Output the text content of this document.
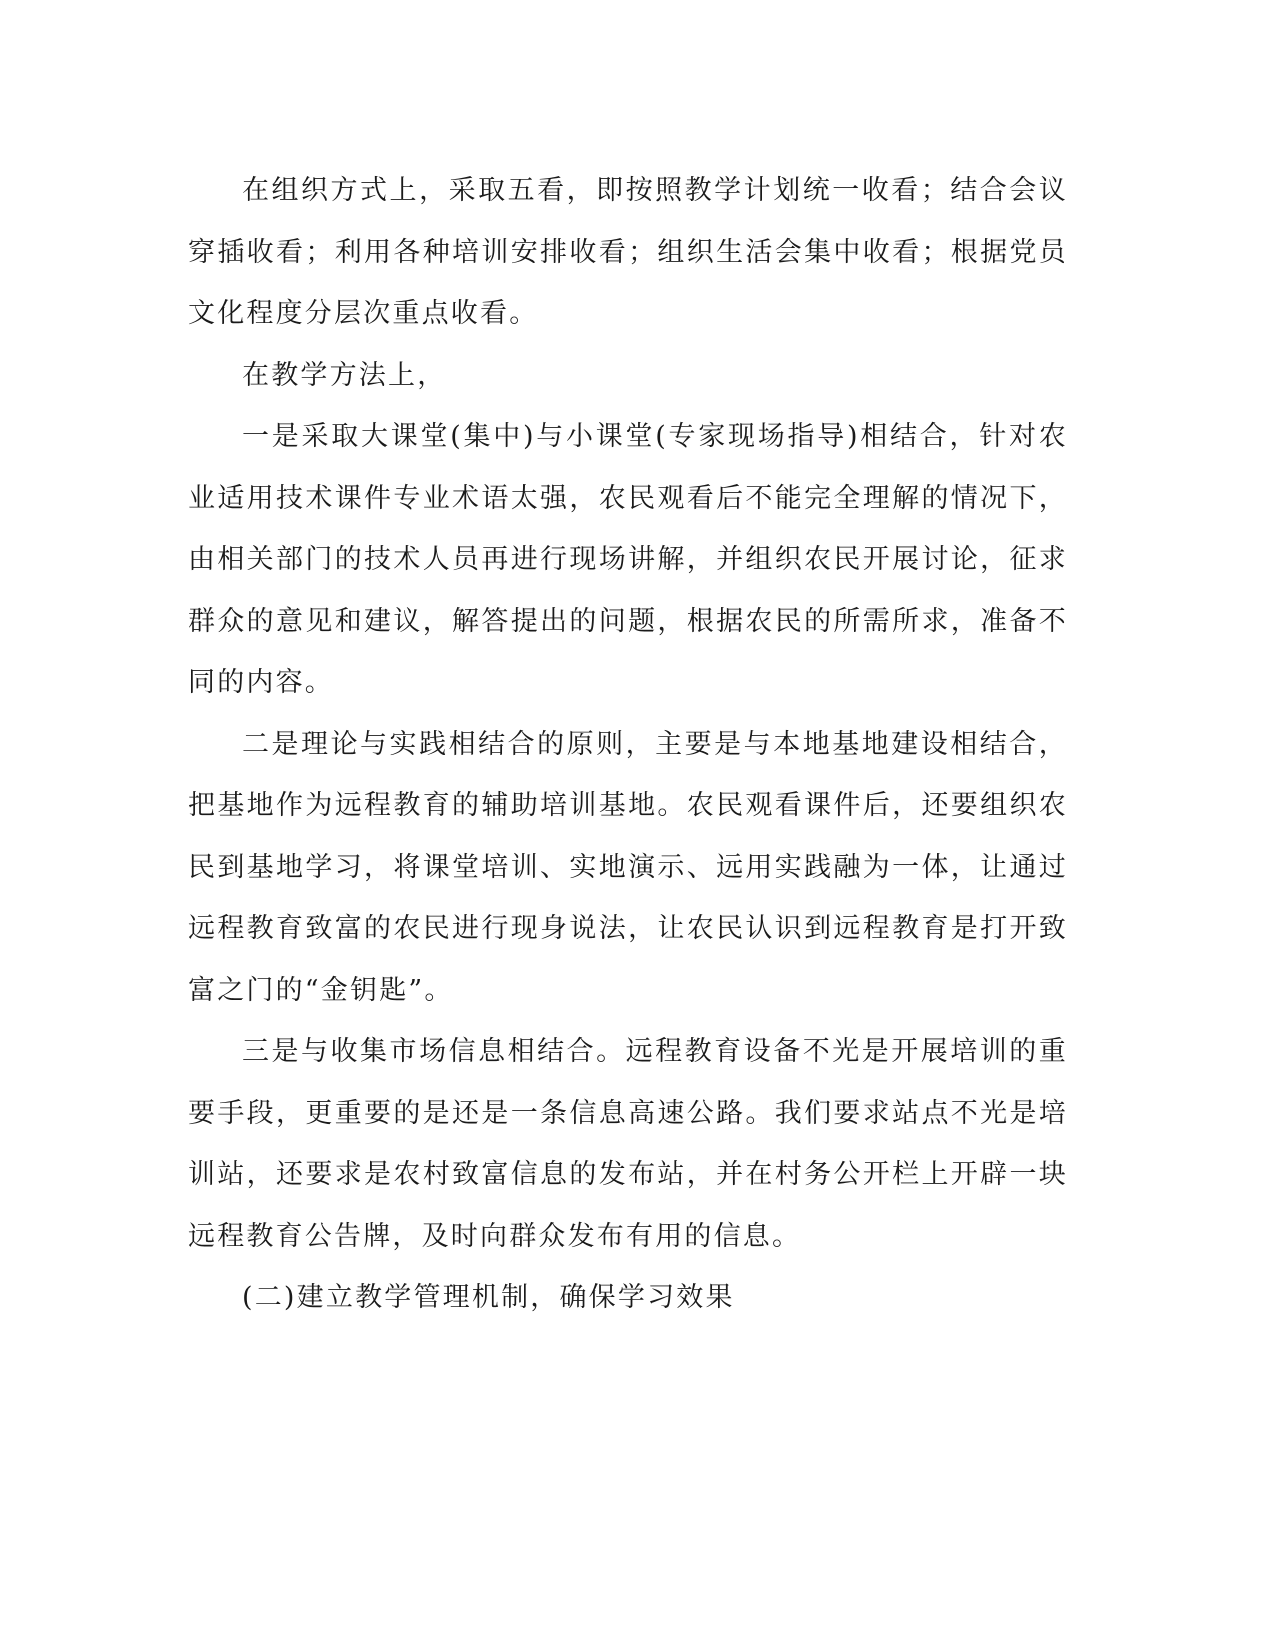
在组织方式上，采取五看，即按照教学计划统一收看；结合会议穿插收看；利用各种培训安排收看；组织生活会集中收看；根据党员文化程度分层次重点收看。

在教学方法上，

一是采取大课堂(集中)与小课堂(专家现场指导)相结合，针对农业适用技术课件专业术语太强，农民观看后不能完全理解的情况下，由相关部门的技术人员再进行现场讲解，并组织农民开展讨论，征求群众的意见和建议，解答提出的问题，根据农民的所需所求，准备不同的内容。

二是理论与实践相结合的原则，主要是与本地基地建设相结合，把基地作为远程教育的辅助培训基地。农民观看课件后，还要组织农民到基地学习，将课堂培训、实地演示、远用实践融为一体，让通过远程教育致富的农民进行现身说法，让农民认识到远程教育是打开致富之门的“金钥匙”。

三是与收集市场信息相结合。远程教育设备不光是开展培训的重要手段，更重要的是还是一条信息高速公路。我们要求站点不光是培训站，还要求是农村致富信息的发布站，并在村务公开栏上开辟一块远程教育公告牌，及时向群众发布有用的信息。

(二)建立教学管理机制，确保学习效果
